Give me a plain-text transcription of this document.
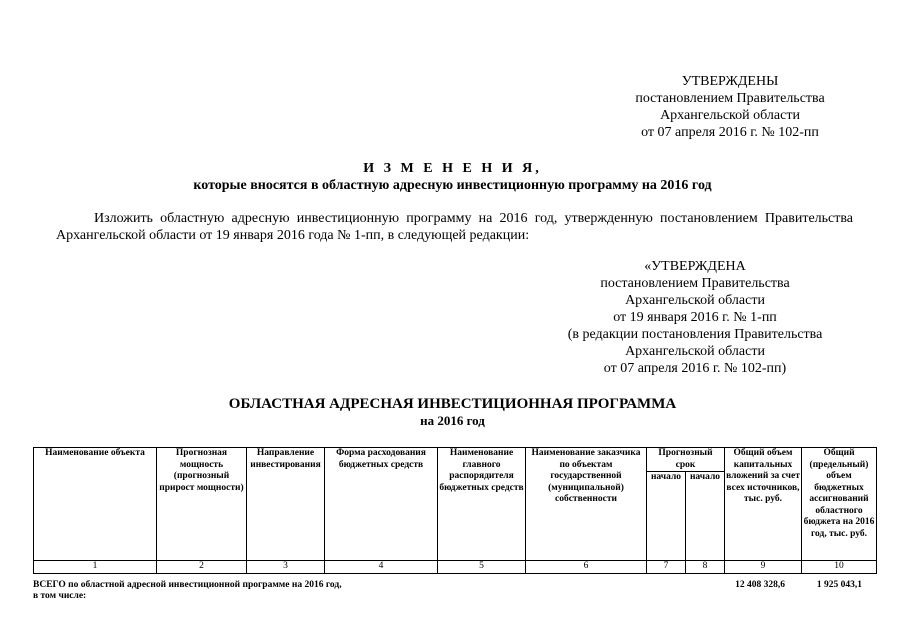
УТВЕРЖДЕНЫ
постановлением Правительства
Архангельской области
от 07 апреля 2016 г. № 102-пп
И З М Е Н Е Н И Я,
которые вносятся в областную адресную инвестиционную программу на 2016 год
Изложить областную адресную инвестиционную программу на 2016 год, утвержденную постановлением Правительства Архангельской области от 19 января 2016 года № 1-пп, в следующей редакции:
«УТВЕРЖДЕНА
постановлением Правительства
Архангельской области
от 19 января 2016 г. № 1-пп
(в редакции постановления Правительства
Архангельской области
от 07 апреля 2016 г. № 102-пп)
ОБЛАСТНАЯ АДРЕСНАЯ ИНВЕСТИЦИОННАЯ ПРОГРАММА
на 2016 год
Наименование объекта	Прогнозная мощность (прогнозный прирост мощности)	Направление инвестирования	Форма расходования бюджетных средств	Наименование главного распорядителя бюджетных средств	Наименование заказчика по объектам государственной (муниципальной) собственности	Прогнозный срок		Общий объем капитальных вложений за счет всех источников, тыс. руб.	Общий (предельный) объем бюджетных ассигнований областного бюджета на 2016 год, тыс. руб.
						начало	начало		
1	2	3	4	5	6	7	8	9	10
ВСЕГО по областной адресной инвестиционной программе на 2016 год,
в том числе:
12 408 328,6	1 925 043,1
